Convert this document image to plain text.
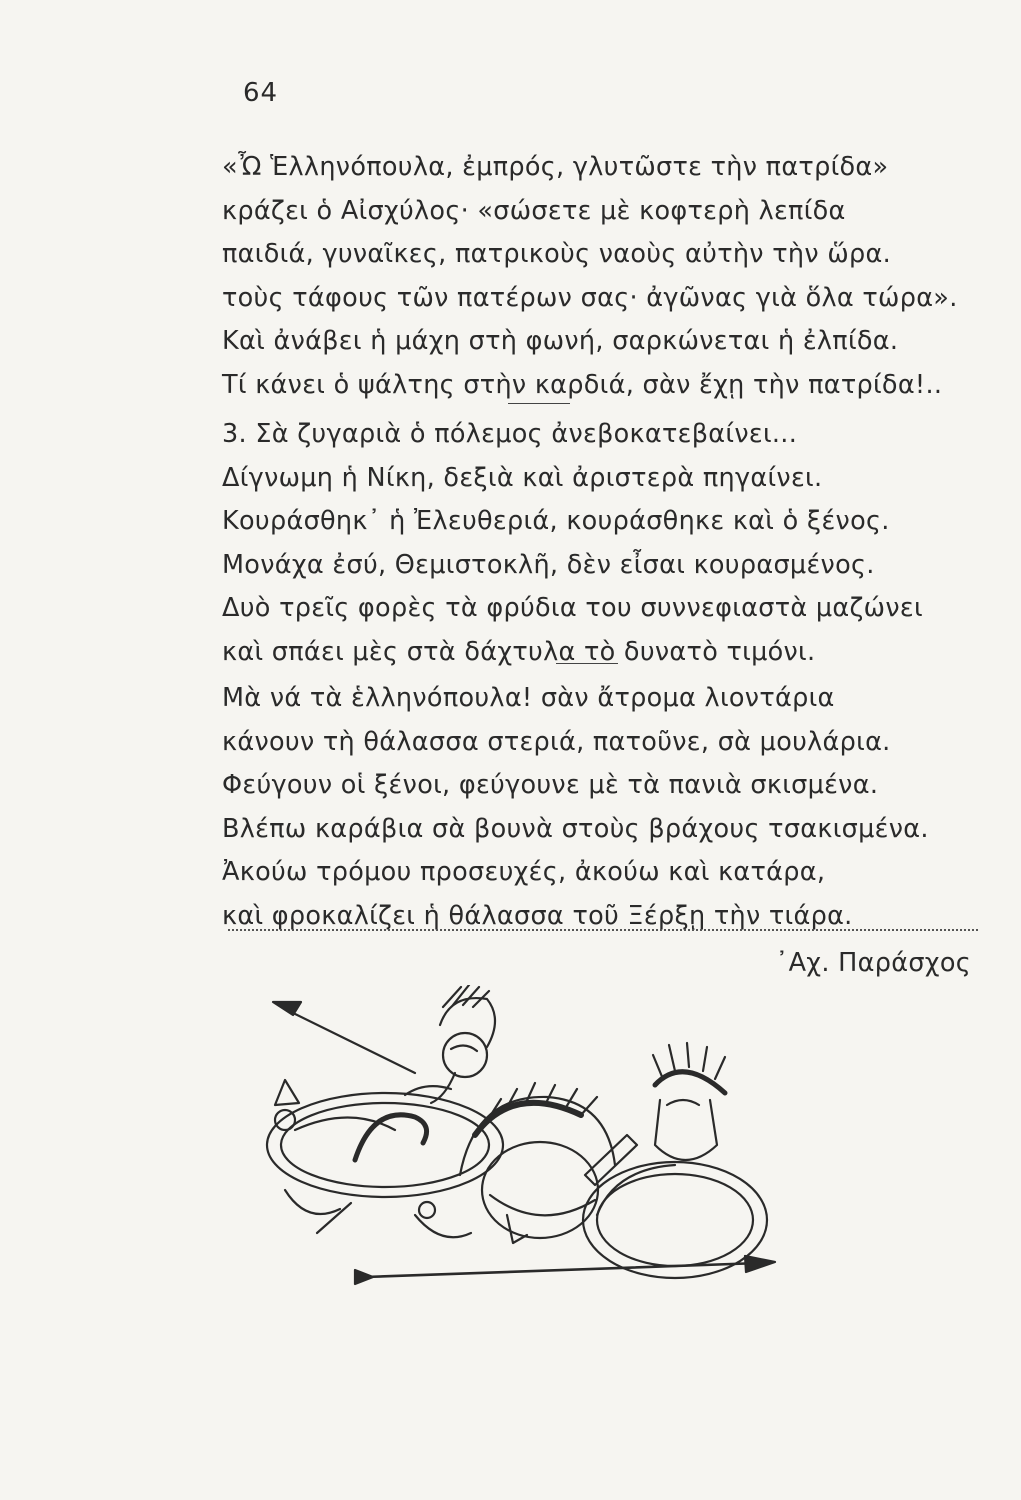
64
«Ὦ Ἑλληνόπουλα, ἐμπρός, γλυτῶστε τὴν πατρίδα»
κράζει ὁ Αἰσχύλος· «σώσετε μὲ κοφτερὴ λεπίδα
παιδιά, γυναῖκες, πατρικοὺς ναοὺς αὐτὴν τὴν ὥρα.
τοὺς τάφους τῶν πατέρων σας· ἀγῶνας γιὰ ὅλα τώρα».
Καὶ ἀνάβει ἡ μάχη στὴ φωνή, σαρκώνεται ἡ ἐλπίδα.
Τί κάνει ὁ ψάλτης στὴν καρδιά, σὰν ἔχῃ τὴν πατρίδα!..
3. Σὰ ζυγαριὰ ὁ πόλεμος ἀνεβοκατεβαίνει...
Δίγνωμη ἡ Νίκη, δεξιὰ καὶ ἀριστερὰ πηγαίνει.
Κουράσθηκ᾽ ἡ Ἐλευθεριά, κουράσθηκε καὶ ὁ ξένος.
Μονάχα ἐσύ, Θεμιστοκλῆ, δὲν εἶσαι κουρασμένος.
Δυὸ τρεῖς φορὲς τὰ φρύδια του συννεφιαστὰ μαζώνει
καὶ σπάει μὲς στὰ δάχτυλα τὸ δυνατὸ τιμόνι.
Μὰ νά τὰ ἑλληνόπουλα! σὰν ἄτρομα λιοντάρια
κάνουν τὴ θάλασσα στεριά, πατοῦνε, σὰ μουλάρια.
Φεύγουν οἱ ξένοι, φεύγουνε μὲ τὰ πανιὰ σκισμένα.
Βλέπω καράβια σὰ βουνὰ στοὺς βράχους τσακισμένα.
Ἀκούω τρόμου προσευχές, ἀκούω καὶ κατάρα,
καὶ φροκαλίζει ἡ θάλασσα τοῦ Ξέρξῃ τὴν τιάρα.
᾽Αχ. Παράσχος
